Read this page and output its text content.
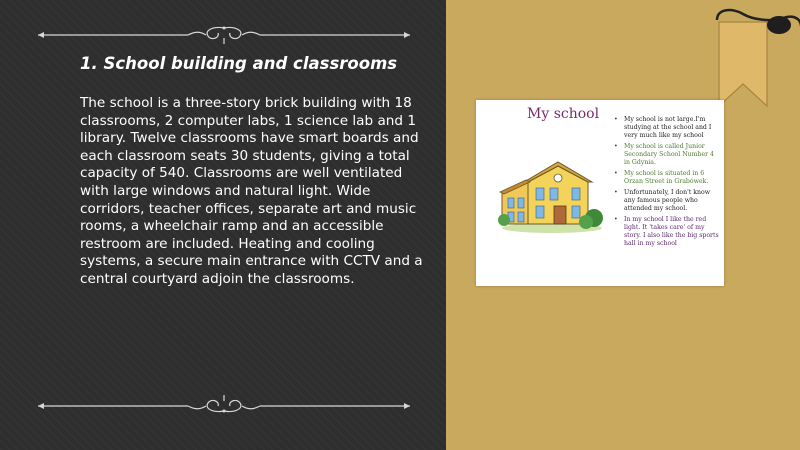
1. School building and classrooms
The school is a three-story brick building with 18 classrooms, 2 computer labs, 1 science lab and 1 library. Twelve classrooms have smart boards and each classroom seats 30 students, giving a total capacity of 540. Classrooms are well ventilated with large windows and natural light. Wide corridors, teacher offices, separate art and music rooms, a wheelchair ramp and an accessible restroom are included. Heating and cooling systems, a secure main entrance with CCTV and a central courtyard adjoin the classrooms.
My school
•	My school is not large.I'm studying at the school and I very much like my school
• My school is called Junior Secondary School Number 4 in Gdynia.
• My school is situated in 6 Orzan Street in Grabówek.
• Unfortunately, I don't know any famous people who attended my school.
• In my school I like the red light. It 'takes care' of my story. I also like the big sports hall in my school
